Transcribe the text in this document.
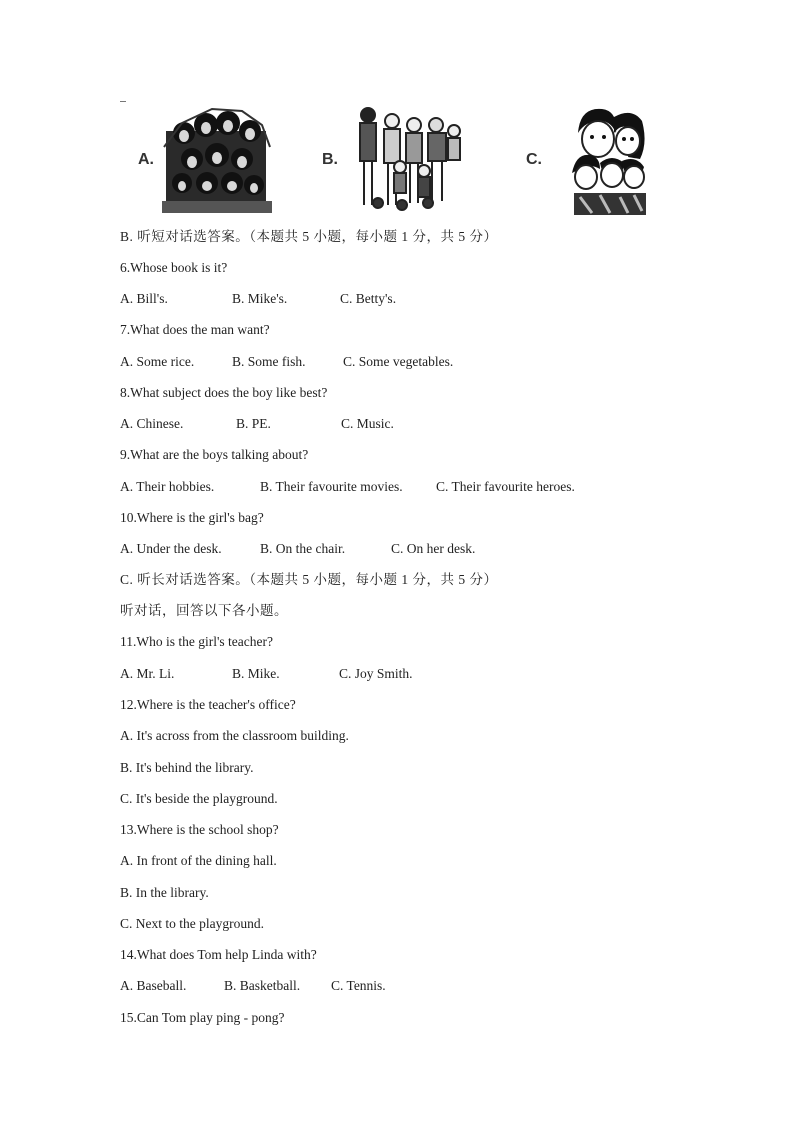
A.	B.	C.
B. 听短对话选答案。（本题共 5 小题，每小题 1 分，共 5 分）
6.Whose book is it?
A. Bill's.	B. Mike's.	C. Betty's.
7.What does the man want?
A. Some rice.	B. Some fish.	C. Some vegetables.
8.What subject does the boy like best?
A. Chinese.	B. PE.	C. Music.
9.What are the boys talking about?
A. Their hobbies.	B. Their favourite movies. C. Their favourite heroes.
10.Where is the girl's bag?
A. Under the desk.	B. On the chair.	C. On her desk.
C. 听长对话选答案。（本题共 5 小题，每小题 1 分，共 5 分）
听对话，回答以下各小题。
11.Who is the girl's teacher?
A. Mr. Li.	B. Mike.	C. Joy Smith.
12.Where is the teacher's office?
A. It's across from the classroom building.
B. It's behind the library.
C. It's beside the playground.
13.Where is the school shop?
A. In front of the dining hall.
B. In the library.
C. Next to the playground.
14.What does Tom help Linda with?
A. Baseball.	B. Basketball. C. Tennis.
15.Can Tom play ping - pong?
